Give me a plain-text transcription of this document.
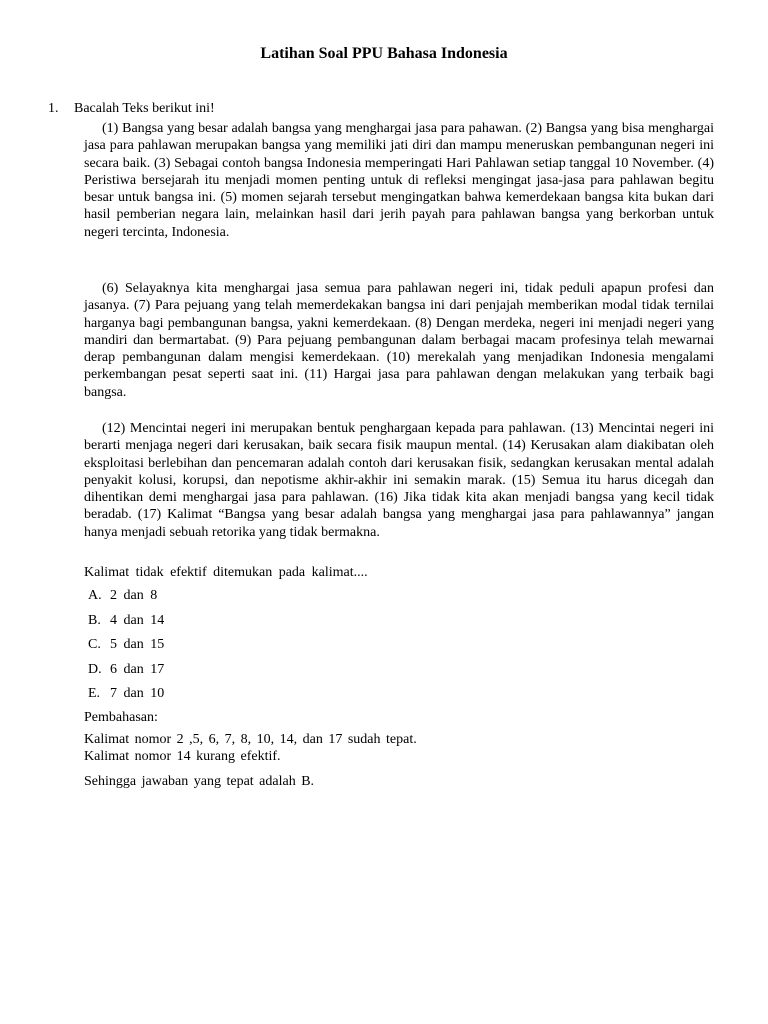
Latihan Soal PPU Bahasa Indonesia
1. Bacalah Teks berikut ini!

(1) Bangsa yang besar adalah bangsa yang menghargai jasa para pahawan. (2) Bangsa yang bisa menghargai jasa para pahlawan merupakan bangsa yang memiliki jati diri dan mampu meneruskan pembangunan negeri ini secara baik. (3) Sebagai contoh bangsa Indonesia memperingati Hari Pahlawan setiap tanggal 10 November. (4) Peristiwa bersejarah itu menjadi momen penting untuk di refleksi mengingat jasa-jasa para pahlawan begitu besar untuk bangsa ini. (5) momen sejarah tersebut mengingatkan bahwa kemerdekaan bangsa kita bukan dari hasil pemberian negara lain, melainkan hasil dari jerih payah para pahlawan bangsa yang berkorban untuk negeri tercinta, Indonesia.

(6) Selayaknya kita menghargai jasa semua para pahlawan negeri ini, tidak peduli apapun profesi dan jasanya. (7) Para pejuang yang telah memerdekakan bangsa ini dari penjajah memberikan modal tidak ternilai harganya bagi pembangunan bangsa, yakni kemerdekaan. (8) Dengan merdeka, negeri ini menjadi negeri yang mandiri dan bermartabat. (9) Para pejuang pembangunan dalam berbagai macam profesinya telah mewarnai derap pembangunan dalam mengisi kemerdekaan. (10) merekalah yang menjadikan Indonesia mengalami perkembangan pesat seperti saat ini. (11) Hargai jasa para pahlawan dengan melakukan yang terbaik bagi bangsa.

(12) Mencintai negeri ini merupakan bentuk penghargaan kepada para pahlawan. (13) Mencintai negeri ini berarti menjaga negeri dari kerusakan, baik secara fisik maupun mental. (14) Kerusakan alam diakibatan oleh eksploitasi berlebihan dan pencemaran adalah contoh dari kerusakan fisik, sedangkan kerusakan mental adalah penyakit kolusi, korupsi, dan nepotisme akhir-akhir ini semakin marak. (15) Semua itu harus dicegah dan dihentikan demi menghargai jasa para pahlawan. (16) Jika tidak kita akan menjadi bangsa yang kecil tidak beradab. (17) Kalimat “Bangsa yang besar adalah bangsa yang menghargai jasa para pahlawannya” jangan hanya menjadi sebuah retorika yang tidak bermakna.

Kalimat tidak efektif ditemukan pada kalimat....
A. 2 dan 8
B. 4 dan 14
C. 5 dan 15
D. 6 dan 17
E. 7 dan 10
Pembahasan:

Kalimat nomor 2 ,5, 6, 7, 8, 10, 14, dan 17 sudah tepat. Kalimat nomor 14 kurang efektif.

Sehingga jawaban yang tepat adalah B.
